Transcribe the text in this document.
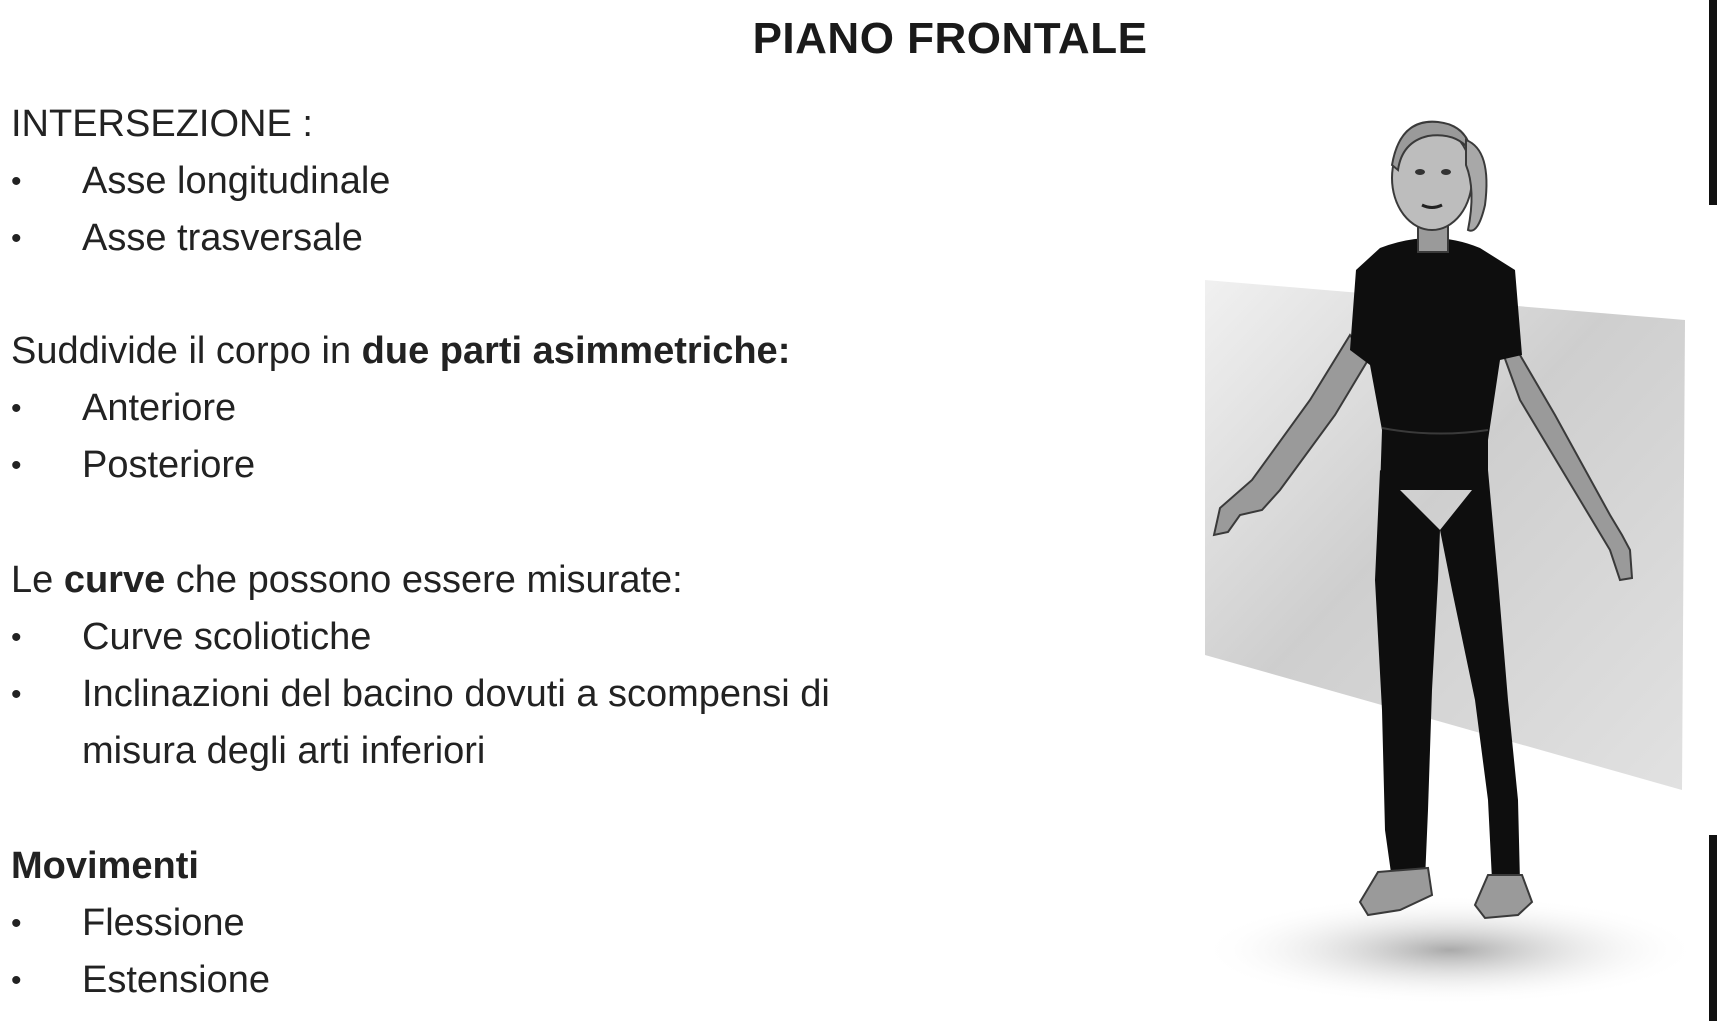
PIANO FRONTALE
INTERSEZIONE :
• Asse longitudinale
• Asse trasversale
Suddivide il corpo in due parti asimmetriche:
• Anteriore
• Posteriore
Le curve che possono essere misurate:
• Curve scoliotiche
• Inclinazioni del bacino dovuti a scompensi di
misura degli arti inferiori
Movimenti
• Flessione
• Estensione
